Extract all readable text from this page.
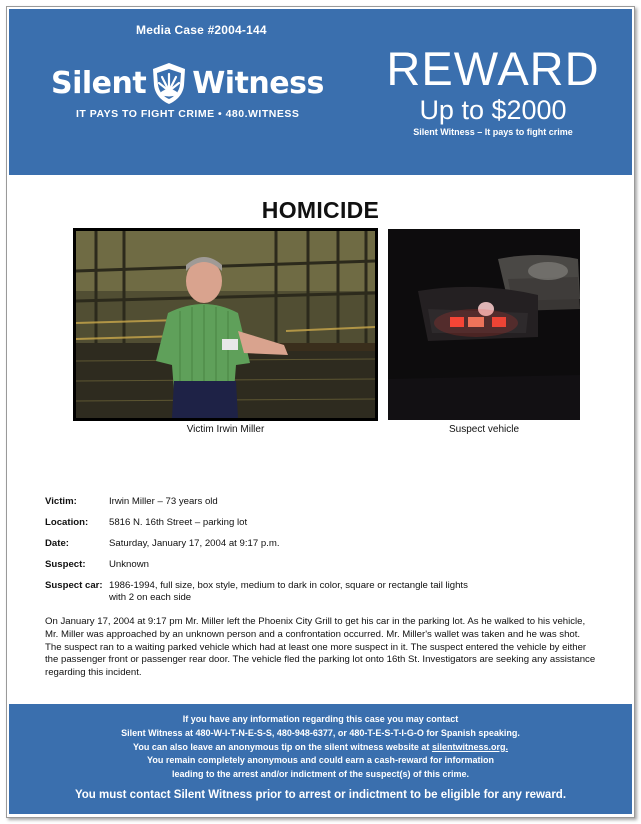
Media Case #2004-144
Silent Witness
IT PAYS TO FIGHT CRIME • 480.WITNESS
REWARD
Up to $2000
Silent Witness – It pays to fight crime
HOMICIDE
Victim Irwin Miller	Suspect vehicle
Victim:	Irwin Miller – 73 years old
Location:	5816 N. 16th Street – parking lot
Date:	Saturday, January 17, 2004 at 9:17 p.m.
Suspect:	Unknown
Suspect car: 1986-1994, full size, box style, medium to dark in color, square or rectangle tail lights with 2 on each side
On January 17, 2004 at 9:17 pm Mr. Miller left the Phoenix City Grill to get his car in the parking lot. As he walked to his vehicle, Mr. Miller was approached by an unknown person and a confrontation occurred. Mr. Miller's wallet was taken and he was shot. The suspect ran to a waiting parked vehicle which had at least one more suspect in it. The suspect entered the vehicle by either the passenger front or passenger rear door. The vehicle fled the parking lot onto 16th St. Investigators are seeking any assistance regarding this incident.
If you have any information regarding this case you may contact
Silent Witness at 480-W-I-T-N-E-S-S, 480-948-6377, or 480-T-E-S-T-I-G-O for Spanish speaking.
You can also leave an anonymous tip on the silent witness website at silentwitness.org.
You remain completely anonymous and could earn a cash-reward for information
leading to the arrest and/or indictment of the suspect(s) of this crime.
You must contact Silent Witness prior to arrest or indictment to be eligible for any reward.
